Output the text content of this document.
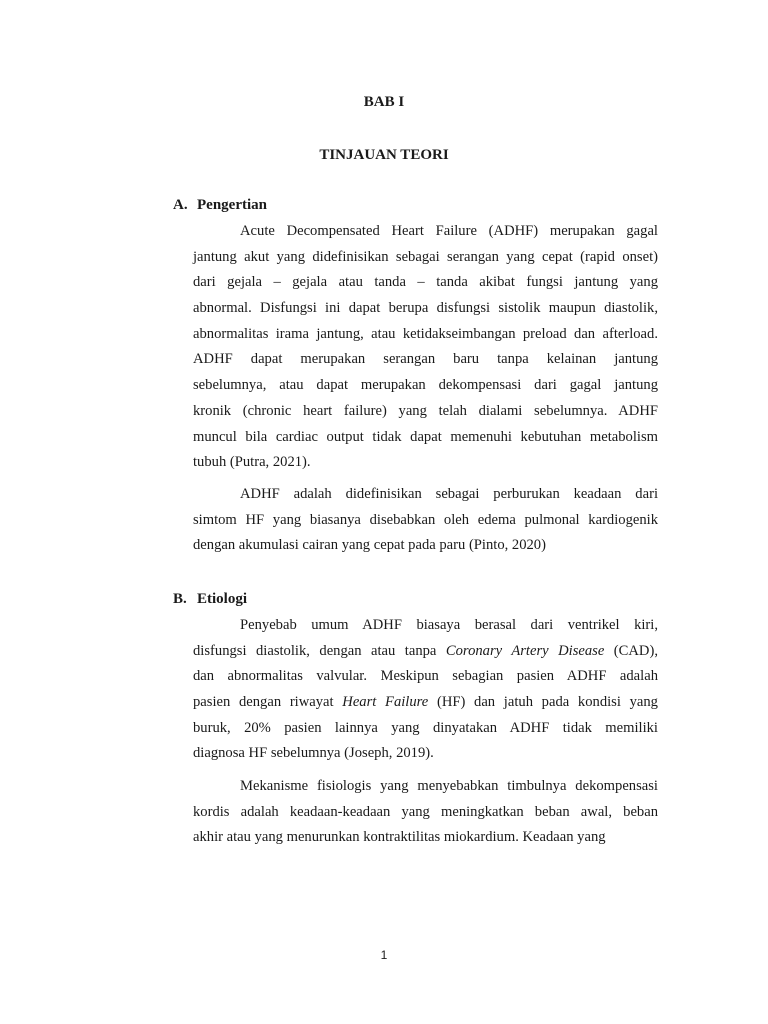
BAB I
TINJAUAN TEORI
A. Pengertian
Acute Decompensated Heart Failure (ADHF) merupakan gagal
jantung akut yang didefinisikan sebagai serangan yang cepat (rapid onset)
dari gejala – gejala atau tanda – tanda akibat fungsi jantung yang
abnormal. Disfungsi ini dapat berupa disfungsi sistolik maupun diastolik,
abnormalitas irama jantung, atau ketidakseimbangan preload dan afterload.
ADHF dapat merupakan serangan baru tanpa kelainan jantung
sebelumnya, atau dapat merupakan dekompensasi dari gagal jantung
kronik (chronic heart failure) yang telah dialami sebelumnya. ADHF
muncul bila cardiac output tidak dapat memenuhi kebutuhan metabolism
tubuh (Putra, 2021).
ADHF adalah didefinisikan sebagai perburukan keadaan dari
simtom HF yang biasanya disebabkan oleh edema pulmonal kardiogenik
dengan akumulasi cairan yang cepat pada paru (Pinto, 2020)
B. Etiologi
Penyebab umum ADHF biasaya berasal dari ventrikel kiri,
disfungsi diastolik, dengan atau tanpa Coronary Artery Disease (CAD),
dan abnormalitas valvular. Meskipun sebagian pasien ADHF adalah
pasien dengan riwayat Heart Failure (HF) dan jatuh pada kondisi yang
buruk, 20% pasien lainnya yang dinyatakan ADHF tidak memiliki
diagnosa HF sebelumnya (Joseph, 2019).
Mekanisme fisiologis yang menyebabkan timbulnya dekompensasi
kordis adalah keadaan-keadaan yang meningkatkan beban awal, beban
akhir atau yang menurunkan kontraktilitas miokardium. Keadaan yang
1
